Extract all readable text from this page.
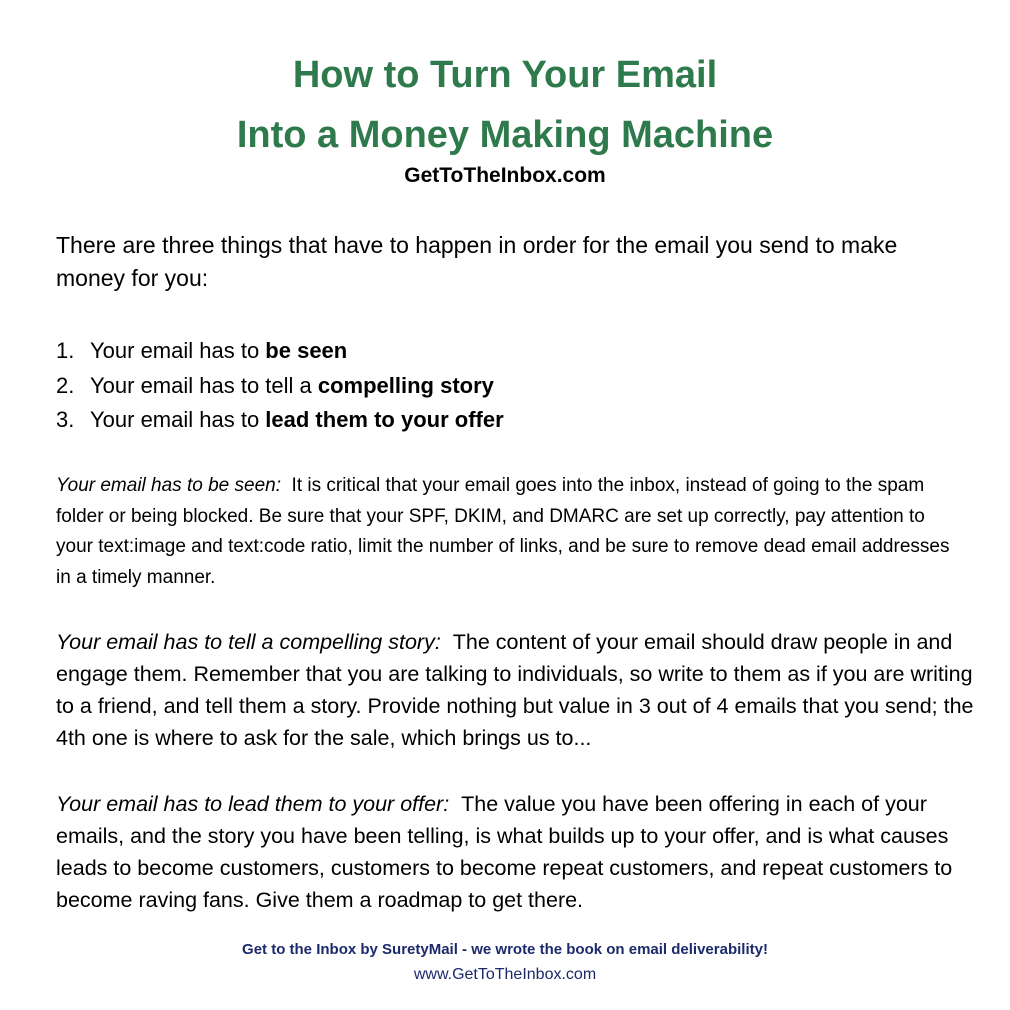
How to Turn Your Email
Into a Money Making Machine

GetToTheInbox.com

There are three things that have to happen in order for the email you send to make money for you:

1. Your email has to be seen
2. Your email has to tell a compelling story
3. Your email has to lead them to your offer

Your email has to be seen: It is critical that your email goes into the inbox, instead of going to the spam folder or being blocked. Be sure that your SPF, DKIM, and DMARC are set up correctly, pay attention to your text:image and text:code ratio, limit the number of links, and be sure to remove dead email addresses in a timely manner.

Your email has to tell a compelling story: The content of your email should draw people in and engage them. Remember that you are talking to individuals, so write to them as if you are writing to a friend, and tell them a story. Provide nothing but value in 3 out of 4 emails that you send; the 4th one is where to ask for the sale, which brings us to...

Your email has to lead them to your offer: The value you have been offering in each of your emails, and the story you have been telling, is what builds up to your offer, and is what causes leads to become customers, customers to become repeat customers, and repeat customers to become raving fans. Give them a roadmap to get there.

Get to the Inbox by SuretyMail - we wrote the book on email deliverability!

www.GetToTheInbox.com
